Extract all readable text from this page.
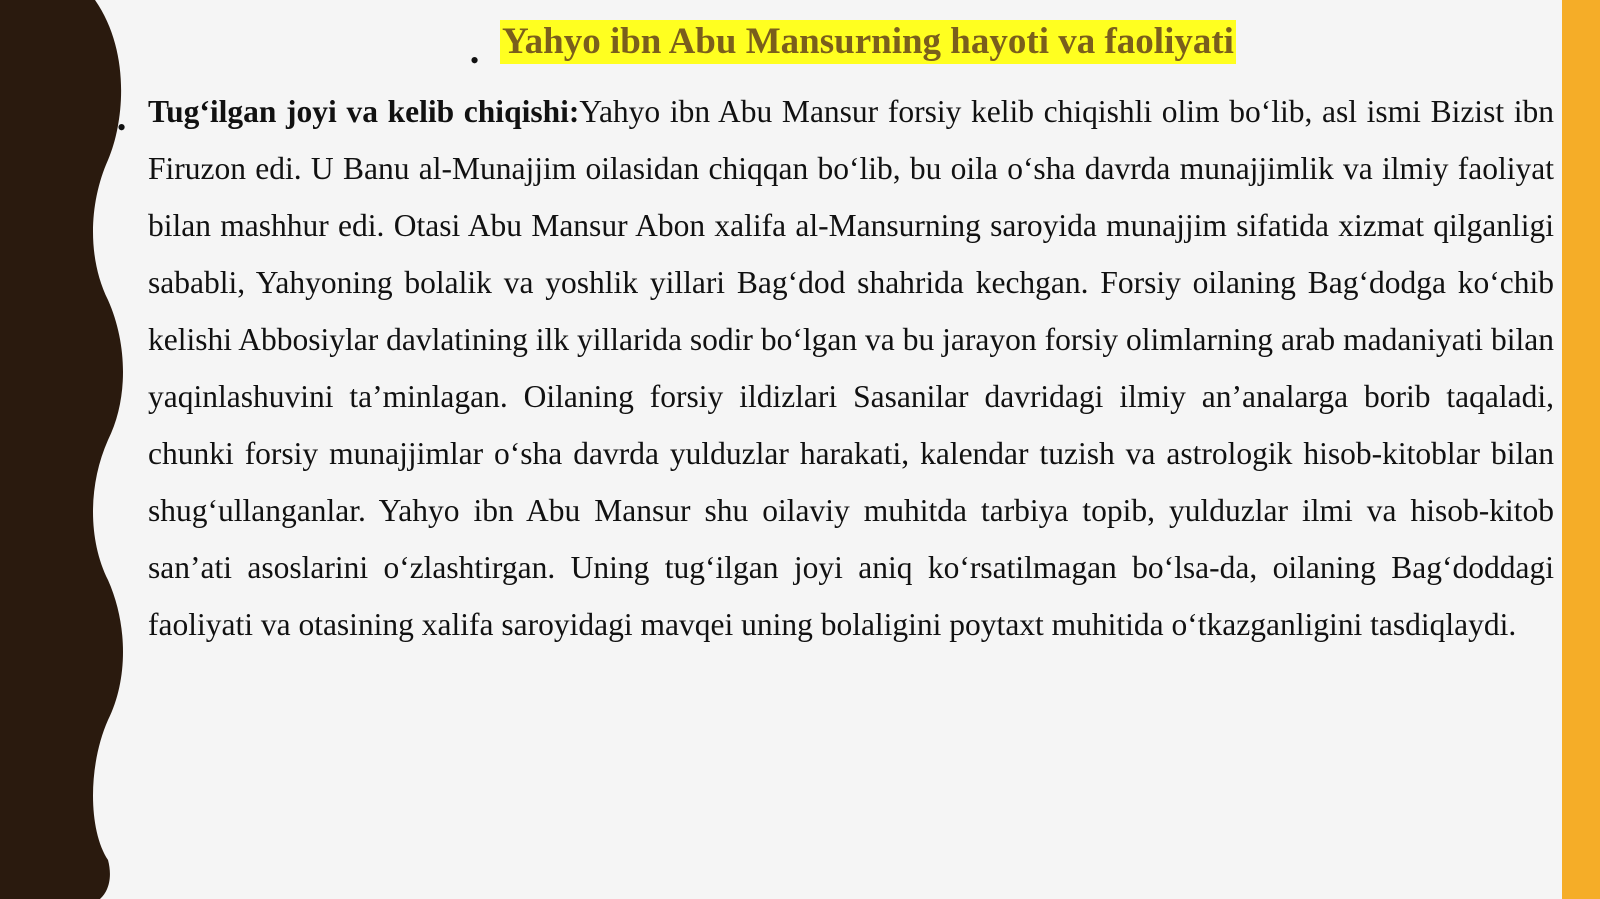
• Yahyo ibn Abu Mansurning hayoti va faoliyati
• Tug‘ilgan joyi va kelib chiqishi:Yahyo ibn Abu Mansur forsiy kelib chiqishli olim bo‘lib, asl ismi Bizist ibn Firuzon edi. U Banu al-Munajjim oilasidan chiqqan bo‘lib, bu oila o‘sha davrda munajjimlik va ilmiy faoliyat bilan mashhur edi. Otasi Abu Mansur Abon xalifa al-Mansurning saroyida munajjim sifatida xizmat qilganligi sababli, Yahyoning bolalik va yoshlik yillari Bag‘dod shahrida kechgan. Forsiy oilaning Bag‘dodga ko‘chib kelishi Abbosiylar davlatining ilk yillarida sodir bo‘lgan va bu jarayon forsiy olimlarning arab madaniyati bilan yaqinlashuvini ta’minlagan. Oilaning forsiy ildizlari Sasanilar davridagi ilmiy an’analarga borib taqaladi, chunki forsiy munajjimlar o‘sha davrda yulduzlar harakati, kalendar tuzish va astrologik hisob-kitoblar bilan shug‘ullanganlar. Yahyo ibn Abu Mansur shu oilaviy muhitda tarbiya topib, yulduzlar ilmi va hisob-kitob san’ati asoslarini o‘zlashtirgan. Uning tug‘ilgan joyi aniq ko‘rsatilmagan bo‘lsa-da, oilaning Bag‘doddagi faoliyati va otasining xalifa saroyidagi mavqei uning bolaligini poytaxt muhitida o‘tkazganligini tasdiqlaydi.
